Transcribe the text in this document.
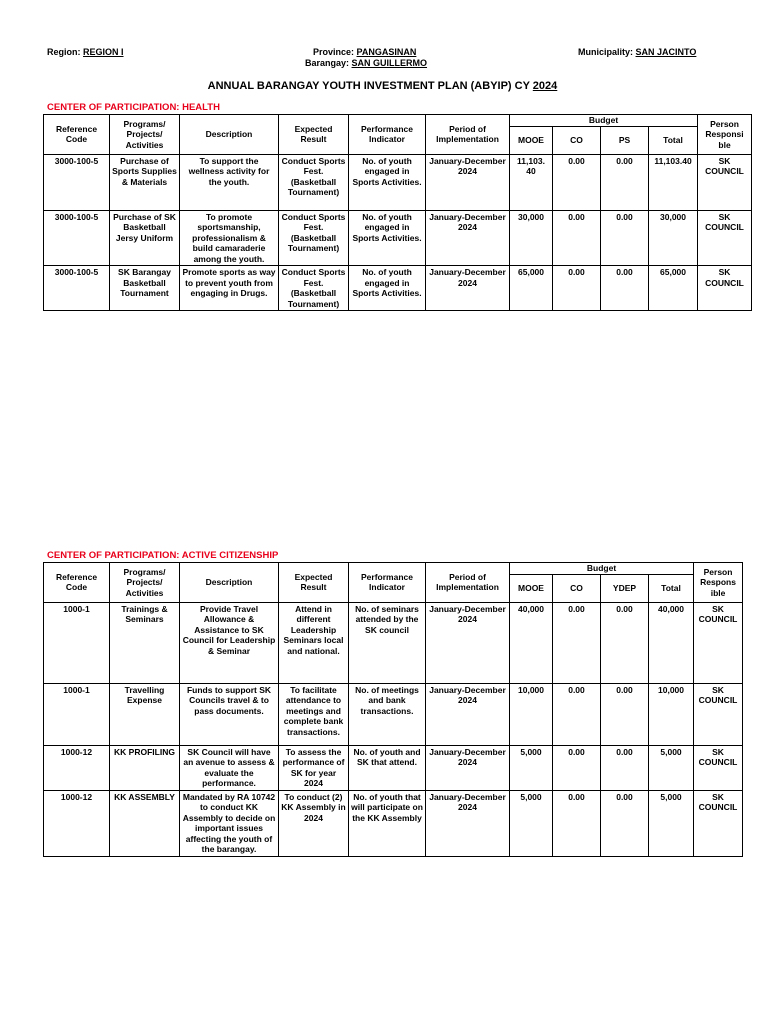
Region: REGION I	Province: PANGASINAN
Barangay: SAN GUILLERMO
Municipality: SAN JACINTO
ANNUAL BARANGAY YOUTH INVESTMENT PLAN (ABYIP) CY 2024
CENTER OF PARTICIPATION: HEALTH
Reference Code	Programs/ Projects/ Activities	Description	Expected Result	Performance Indicator	Period of Implementation	Budget				Person Responsi ble
						MOOE	CO	PS	Total	
3000-100-5	Purchase of Sports Supplies & Materials	To support the wellness activity for the youth.	Conduct Sports Fest. (Basketball Tournament)	No. of youth engaged in Sports Activities.	January-December 2024	11,103. 40	0.00	0.00	11,103.40	SK COUNCIL
3000-100-5	Purchase of SK Basketball Jersy Uniform	To promote sportsmanship, professionalism & build camaraderie among the youth.	Conduct Sports Fest. (Basketball Tournament)	No. of youth engaged in Sports Activities.	January-December 2024	30,000	0.00	0.00	30,000	SK COUNCIL
3000-100-5	SK Barangay Basketball Tournament	Promote sports as way to prevent youth from engaging in Drugs.	Conduct Sports Fest. (Basketball Tournament)	No. of youth engaged in Sports Activities.	January-December 2024	65,000	0.00	0.00	65,000	SK COUNCIL
CENTER OF PARTICIPATION: ACTIVE CITIZENSHIP
Reference Code	Programs/ Projects/ Activities	Description	Expected Result	Performance Indicator	Period of Implementation	Budget				Person Respons ible
						MOOE	CO	YDEP	Total	
1000-1	Trainings & Seminars	Provide Travel Allowance & Assistance to SK Council for Leadership & Seminar	Attend in different Leadership Seminars local and national.	No. of seminars attended by the SK council	January-December 2024	40,000	0.00	0.00	40,000	SK COUNCIL
1000-1	Travelling Expense	Funds to support SK Councils travel & to pass documents.	To facilitate attendance to meetings and complete bank transactions.	No. of meetings and bank transactions.	January-December 2024	10,000	0.00	0.00	10,000	SK COUNCIL
1000-12	KK PROFILING	SK Council will have an avenue to assess & evaluate the performance.	To assess the performance of SK for year 2024	No. of youth and SK that attend.	January-December 2024	5,000	0.00	0.00	5,000	SK COUNCIL
1000-12	KK ASSEMBLY	Mandated by RA 10742 to conduct KK Assembly to decide on important issues affecting the youth of the barangay.	To conduct (2) KK Assembly in 2024	No. of youth that will participate on the KK Assembly	January-December 2024	5,000	0.00	0.00	5,000	SK COUNCIL
